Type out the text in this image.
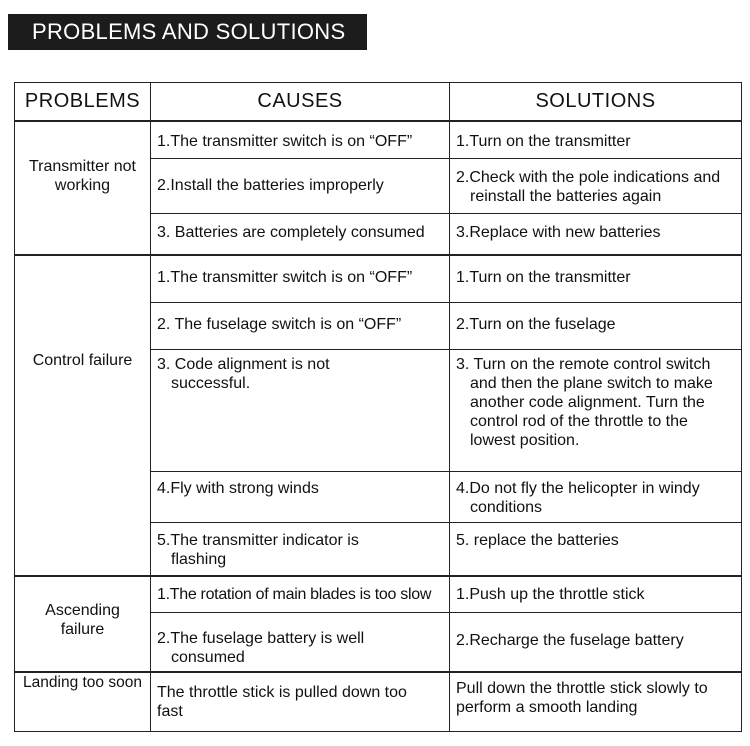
PROBLEMS AND SOLUTIONS
PROBLEMS	CAUSES	SOLUTIONS
Transmitter not working	1.The transmitter switch is on “OFF”	1.Turn on the transmitter
	2.Install the batteries improperly	2.Check with the pole indications and reinstall the batteries again
	3. Batteries are completely consumed	3.Replace with new batteries
Control failure	1.The transmitter switch is on “OFF”	1.Turn on the transmitter
	2. The fuselage switch is on “OFF”	2.Turn on the fuselage
	3. Code alignment is not successful.	3. Turn on the remote control switch and then the plane switch to make another code alignment. Turn the control rod of the throttle to the lowest position.
	4.Fly with strong winds	4.Do not fly the helicopter in windy conditions
	5.The transmitter indicator is flashing	5. replace the batteries
Ascending failure	1.The rotation of main blades is too slow	1.Push up the throttle stick
	2.The fuselage battery is well consumed	2.Recharge the fuselage battery
Landing too soon	The throttle stick is pulled down too fast	Pull down the throttle stick slowly to perform a smooth landing
